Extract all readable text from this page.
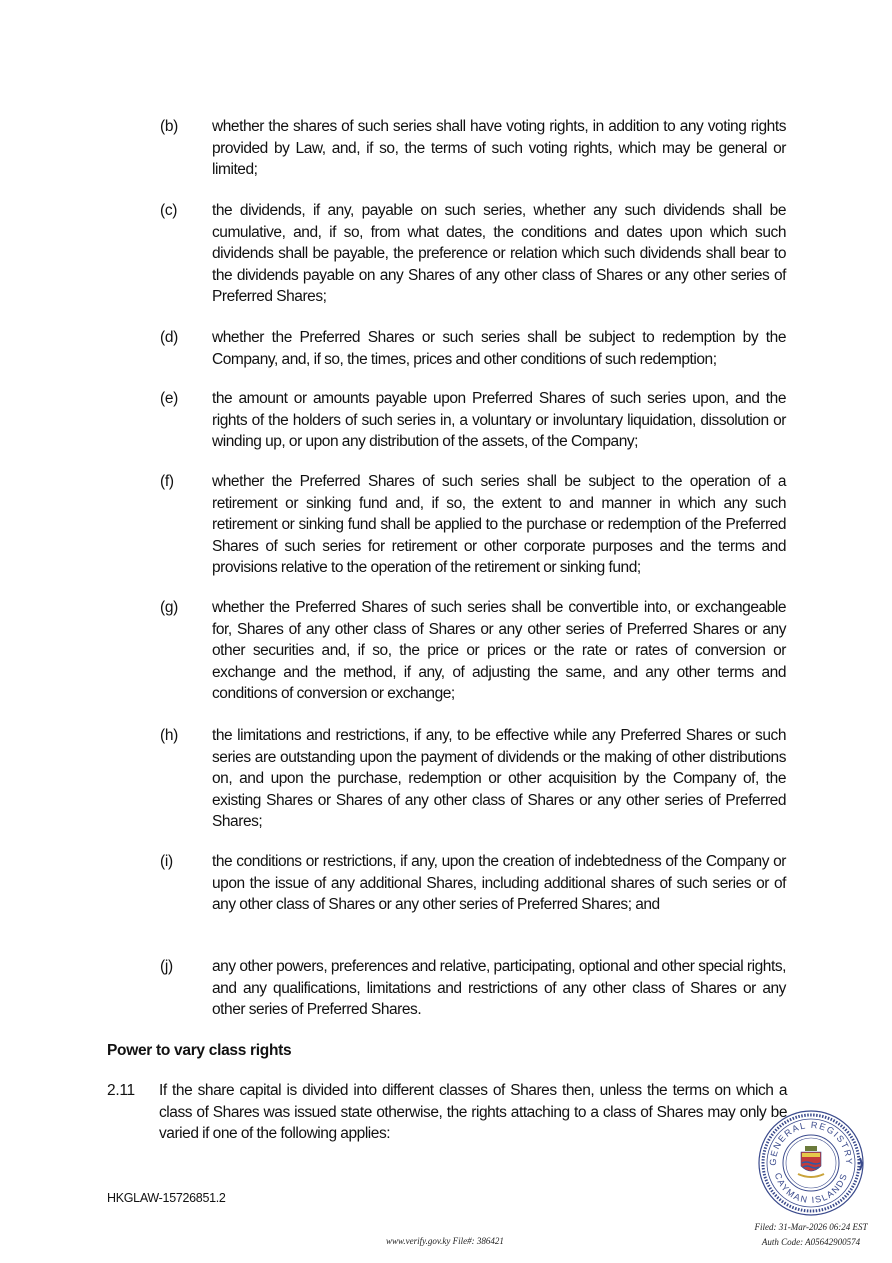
(b) whether the shares of such series shall have voting rights, in addition to any voting rights provided by Law, and, if so, the terms of such voting rights, which may be general or limited;
(c) the dividends, if any, payable on such series, whether any such dividends shall be cumulative, and, if so, from what dates, the conditions and dates upon which such dividends shall be payable, the preference or relation which such dividends shall bear to the dividends payable on any Shares of any other class of Shares or any other series of Preferred Shares;
(d) whether the Preferred Shares or such series shall be subject to redemption by the Company, and, if so, the times, prices and other conditions of such redemption;
(e) the amount or amounts payable upon Preferred Shares of such series upon, and the rights of the holders of such series in, a voluntary or involuntary liquidation, dissolution or winding up, or upon any distribution of the assets, of the Company;
(f) whether the Preferred Shares of such series shall be subject to the operation of a retirement or sinking fund and, if so, the extent to and manner in which any such retirement or sinking fund shall be applied to the purchase or redemption of the Preferred Shares of such series for retirement or other corporate purposes and the terms and provisions relative to the operation of the retirement or sinking fund;
(g) whether the Preferred Shares of such series shall be convertible into, or exchangeable for, Shares of any other class of Shares or any other series of Preferred Shares or any other securities and, if so, the price or prices or the rate or rates of conversion or exchange and the method, if any, of adjusting the same, and any other terms and conditions of conversion or exchange;
(h) the limitations and restrictions, if any, to be effective while any Preferred Shares or such series are outstanding upon the payment of dividends or the making of other distributions on, and upon the purchase, redemption or other acquisition by the Company of, the existing Shares or Shares of any other class of Shares or any other series of Preferred Shares;
(i)	the conditions or restrictions, if any, upon the creation of indebtedness of the Company or upon the issue of any additional Shares, including additional shares of such series or of any other class of Shares or any other series of Preferred Shares; and
(j)	any other powers, preferences and relative, participating, optional and other special rights, and any qualifications, limitations and restrictions of any other class of Shares or any other series of Preferred Shares.
Power to vary class rights
2.11 If the share capital is divided into different classes of Shares then, unless the terms on which a class of Shares was issued state otherwise, the rights attaching to a class of Shares may only be varied if one of the following applies:
GENERAL REGISTRY
CAYMAN ISLANDS
HKGLAW-15726851.2
www.verify.gov.ky File#: 386421
Filed: 31-Mar-2026 06:24 EST
Auth Code: A05642900574
